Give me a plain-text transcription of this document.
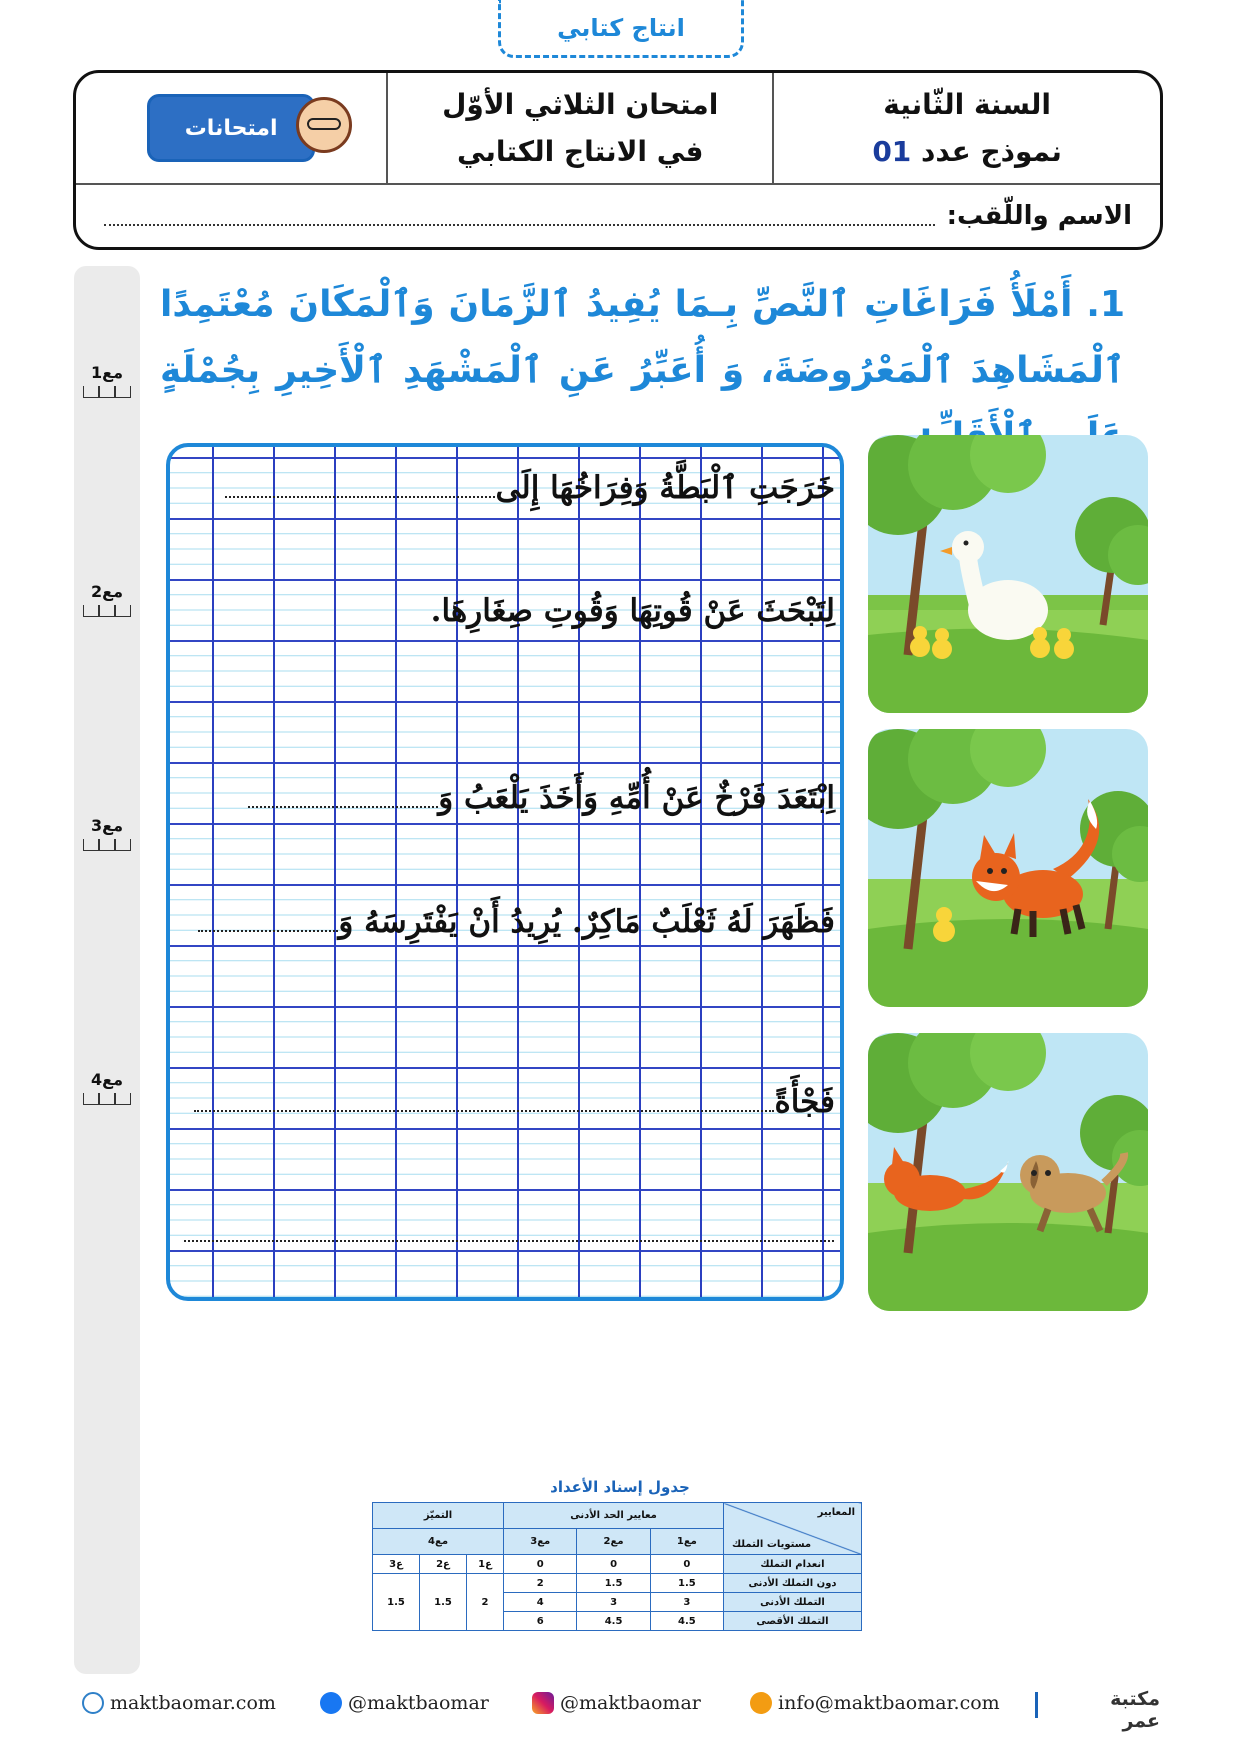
انتاج كتابي
امتحانات
امتحان الثلاثي الأوّل
في الانتاج الكتابي
السنة الثّانية
نموذج عدد 01
الاسم واللّقب:
مع1
مع2
مع3
مع4
1. أَمْلَأُ فَرَاغَاتِ ٱلنَّصِّ بِـمَا يُفِيدُ ٱلزَّمَانَ وَٱلْمَكَانَ مُعْتَمِدًا ٱلْمَشَاهِدَ ٱلْمَعْرُوضَةَ، وَ أُعَبِّرُ عَنِ ٱلْمَشْهَدِ ٱلْأَخِيرِ بِجُمْلَةٍ
خَرَجَتِ ٱلْبَطَّةُ وَفِرَاخُهَا إِلَى
لِتَبْحَثَ عَنْ قُوتِهَا وَقُوتِ صِغَارِهَا.
اِبْتَعَدَ فَرْخٌ عَنْ أُمِّهِ وَأَخَذَ يَلْعَبُ وَ
فَظَهَرَ لَهُ ثَعْلَبٌ مَاكِرٌ. يُرِيدُ أَنْ يَفْتَرِسَهُ وَ
فَجْأَةً
جدول إسناد الأعداد
المعايير
مستويات التملك	معايير الحد الأدنى			التميّز		
	مع1	مع2	مع3	مع4		
انعدام التملك	0	0	0	ع1	ع2	ع3
دون التملك الأدنى	1.5	1.5	2	2	1.5	1.5
التملك الأدنى	3	3	4			
التملك الأقصى	4.5	4.5	6			
maktbaomar.com	@maktbaomar	@maktbaomar	info@maktbaomar.com	مكتبة عمر
